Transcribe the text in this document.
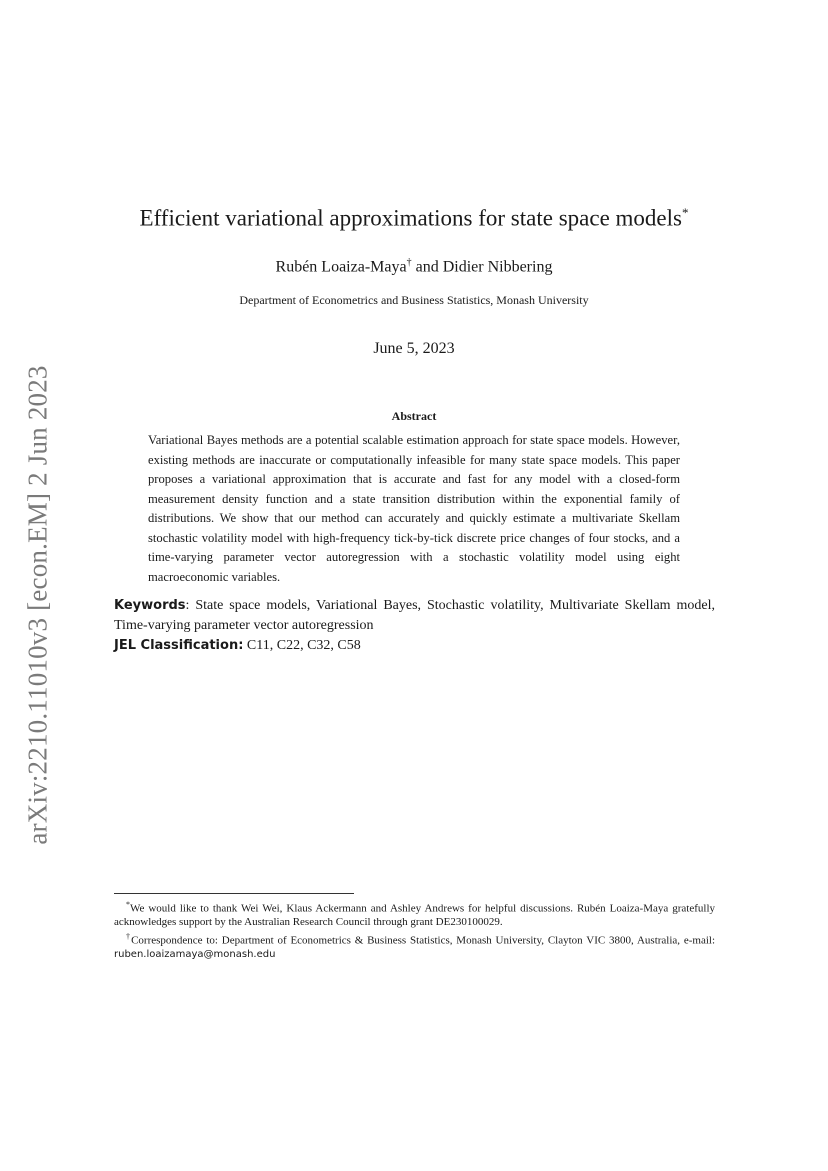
arXiv:2210.11010v3 [econ.EM] 2 Jun 2023
Efficient variational approximations for state space models*
Rubén Loaiza-Maya† and Didier Nibbering
Department of Econometrics and Business Statistics, Monash University
June 5, 2023
Abstract
Variational Bayes methods are a potential scalable estimation approach for state space models. However, existing methods are inaccurate or computationally infeasible for many state space models. This paper proposes a variational approximation that is accurate and fast for any model with a closed-form measurement density function and a state transition distribution within the exponential family of distributions. We show that our method can accurately and quickly estimate a multivariate Skellam stochastic volatility model with high-frequency tick-by-tick discrete price changes of four stocks, and a time-varying parameter vector autoregression with a stochastic volatility model using eight macroeconomic variables.
Keywords: State space models, Variational Bayes, Stochastic volatility, Multivariate Skellam model, Time-varying parameter vector autoregression
JEL Classification: C11, C22, C32, C58

*We would like to thank Wei Wei, Klaus Ackermann and Ashley Andrews for helpful discussions. Rubén Loaiza-Maya gratefully acknowledges support by the Australian Research Council through grant DE230100029.

†Correspondence to: Department of Econometrics & Business Statistics, Monash University, Clayton VIC 3800, Australia, e-mail: ruben.loaizamaya@monash.edu
